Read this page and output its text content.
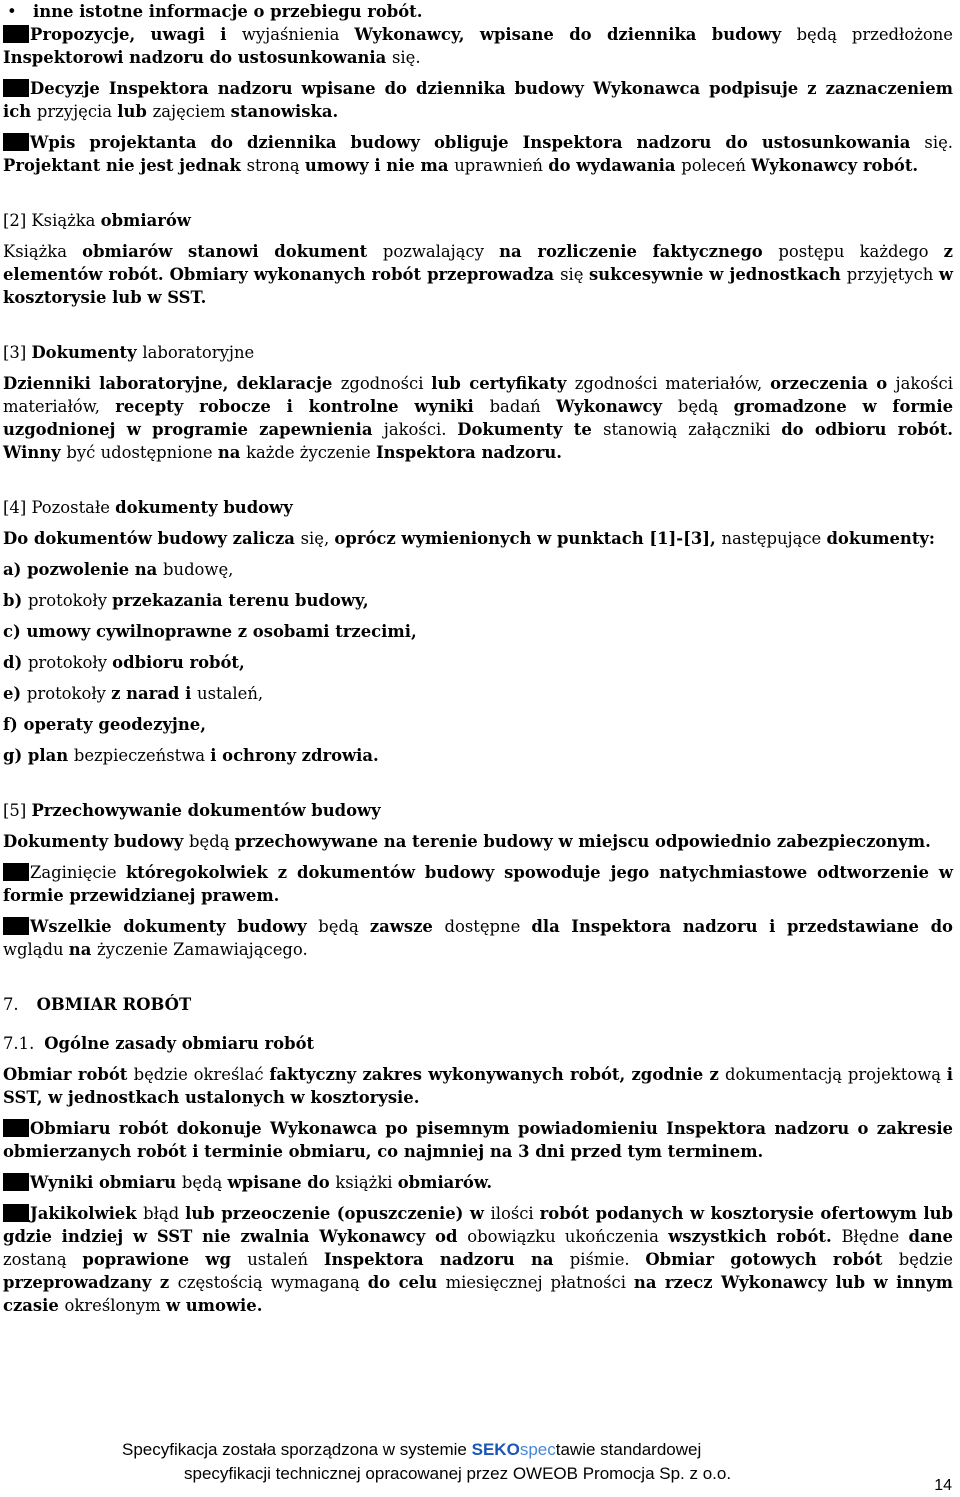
• inne istotne informacje o przebiegu robót.

Propozycje, uwagi i wyjaśnienia Wykonawcy, wpisane do dziennika budowy będą przedłożone Inspektorowi nadzoru do ustosunkowania się.

Decyzje Inspektora nadzoru wpisane do dziennika budowy Wykonawca podpisuje z zaznaczeniem ich przyjęcia lub zajęciem stanowiska.

Wpis projektanta do dziennika budowy obliguje Inspektora nadzoru do ustosunkowania się. Projektant nie jest jednak stroną umowy i nie ma uprawnień do wydawania poleceń Wykonawcy robót.

[2] Książka obmiarów

Książka obmiarów stanowi dokument pozwalający na rozliczenie faktycznego postępu każdego z elementów robót. Obmiary wykonanych robót przeprowadza się sukcesywnie w jednostkach przyjętych w kosztorysie lub w SST.

[3] Dokumenty laboratoryjne

Dzienniki laboratoryjne, deklaracje zgodności lub certyfikaty zgodności materiałów, orzeczenia o jakości materiałów, recepty robocze i kontrolne wyniki badań Wykonawcy będą gromadzone w formie uzgodnionej w programie zapewnienia jakości. Dokumenty te stanowią załączniki do odbioru robót. Winny być udostępnione na każde życzenie Inspektora nadzoru.

[4] Pozostałe dokumenty budowy

Do dokumentów budowy zalicza się, oprócz wymienionych w punktach [1]-[3], następujące dokumenty:

a) pozwolenie na budowę,

b) protokoły przekazania terenu budowy,

c) umowy cywilnoprawne z osobami trzecimi,

d) protokoły odbioru robót,

e) protokoły z narad i ustaleń,

f) operaty geodezyjne,

g) plan bezpieczeństwa i ochrony zdrowia.

[5] Przechowywanie dokumentów budowy

Dokumenty budowy będą przechowywane na terenie budowy w miejscu odpowiednio zabezpieczonym.

Zaginięcie któregokolwiek z dokumentów budowy spowoduje jego natychmiastowe odtworzenie w formie przewidzianej prawem.

Wszelkie dokumenty budowy będą zawsze dostępne dla Inspektora nadzoru i przedstawiane do wglądu na życzenie Zamawiającego.

7. OBMIAR ROBÓT

7.1. Ogólne zasady obmiaru robót

Obmiar robót będzie określać faktyczny zakres wykonywanych robót, zgodnie z dokumentacją projektową i SST, w jednostkach ustalonych w kosztorysie.

Obmiaru robót dokonuje Wykonawca po pisemnym powiadomieniu Inspektora nadzoru o zakresie obmierzanych robót i terminie obmiaru, co najmniej na 3 dni przed tym terminem.

Wyniki obmiaru będą wpisane do książki obmiarów.

Jakikolwiek błąd lub przeoczenie (opuszczenie) w ilości robót podanych w kosztorysie ofertowym lub gdzie indziej w SST nie zwalnia Wykonawcy od obowiązku ukończenia wszystkich robót. Błędne dane zostaną poprawione wg ustaleń Inspektora nadzoru na piśmie. Obmiar gotowych robót będzie przeprowadzany z częstością wymaganą do celu miesięcznej płatności na rzecz Wykonawcy lub w innym czasie określonym w umowie.

Specyfikacja została sporządzona w systemie SEKOspectawie standardowej
specyfikacji technicznej opracowanej przez OWEOB Promocja Sp. z o.o.
14
